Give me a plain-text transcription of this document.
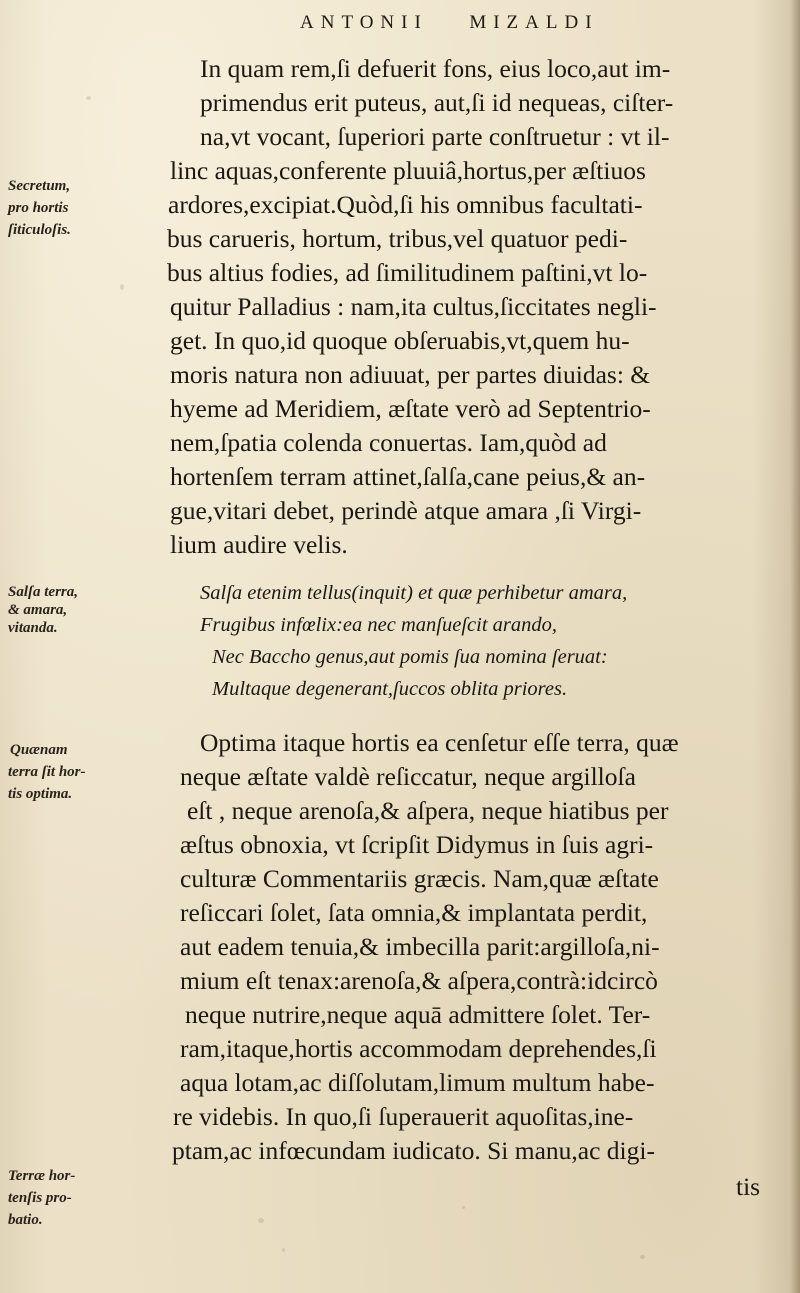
ANTONII MIZALDI
Secretum,
pro hortis
ſiticuloſis.
Salſa terra,
& amara,
vitanda.
Quænam
terra ſit hor-
tis optima.
Terræ hor-
tenſis pro-
batio.
In quam rem,ſi defuerit fons, eius loco,aut im-
primendus erit puteus, aut,ſi id nequeas, ciſter-
na,vt vocant, ſuperiori parte conſtruetur : vt il-
linc aquas,conferente pluuiâ,hortus,per æſtiuos
ardores,excipiat.Quòd,ſi his omnibus facultati-
bus carueris, hortum, tribus,vel quatuor pedi-
bus altius fodies, ad ſimilitudinem paſtini,vt lo-
quitur Palladius : nam,ita cultus,ſiccitates negli-
get. In quo,id quoque obſeruabis,vt,quem hu-
moris natura non adiuuat, per partes diuidas: &
hyeme ad Meridiem, æſtate verò ad Septentrio-
nem,ſpatia colenda conuertas. Iam,quòd ad
hortenſem terram attinet,ſalſa,cane peius,& an-
gue,vitari debet, perindè atque amara ,ſi Virgi-
lium audire velis.
Salſa etenim tellus(inquit) et quæ perhibetur amara,
Frugibus infœlix:ea nec manſueſcit arando,
Nec Baccho genus,aut pomis ſua nomina ſeruat:
Multaque degenerant,ſuccos oblita priores.
Optima itaque hortis ea cenſetur eſſe terra, quæ
neque æſtate valdè reſiccatur, neque argilloſa
eſt , neque arenoſa,& aſpera, neque hiatibus per
æſtus obnoxia, vt ſcripſit Didymus in ſuis agri-
culturæ Commentariis græcis. Nam,quæ æſtate
reſiccari ſolet, ſata omnia,& implantata perdit,
aut eadem tenuia,& imbecilla parit:argilloſa,ni-
mium eſt tenax:arenoſa,& aſpera,contrà:idcircò
neque nutrire,neque aquā admittere ſolet. Ter-
ram,itaque,hortis accommodam deprehendes,ſi
aqua lotam,ac diſſolutam,limum multum habe-
re videbis. In quo,ſi ſuperauerit aquoſitas,ine-
ptam,ac infœcundam iudicato. Si manu,ac digi-
tis
